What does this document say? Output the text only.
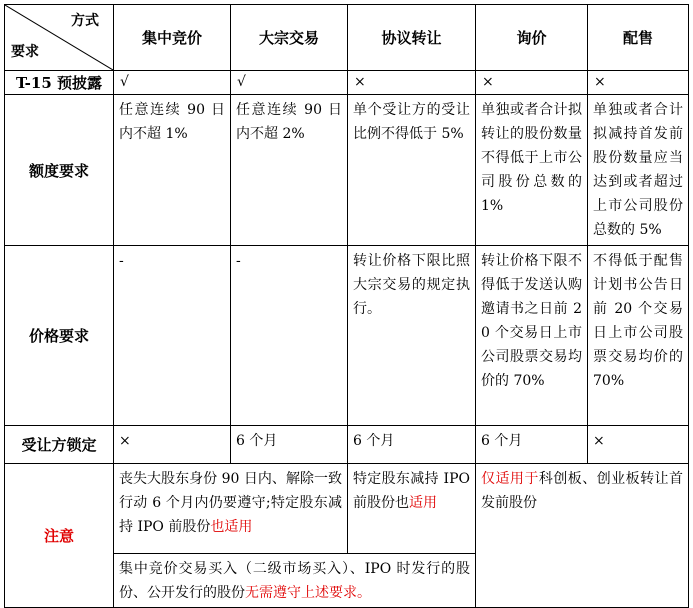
方式
要求	集中竞价	大宗交易	协议转让	询价	配售
T-15 预披露	√	√	×	×	×
额度要求	任意连续 90 日内不超 1%	任意连续 90 日内不超 2%	单个受让方的受让比例不得低于 5%	单独或者合计拟转让的股份数量不得低于上市公司股份总数的 1%	单独或者合计拟减持首发前股份数量应当达到或者超过上市公司股份总数的 5%
价格要求	-	-	转让价格下限比照大宗交易的规定执行。	转让价格下限不得低于发送认购邀请书之日前 20 个交易日上市公司股票交易均价的 70%	不得低于配售计划书公告日前 20 个交易日上市公司股票交易均价的 70%
受让方锁定	×	6 个月	6 个月	6 个月	×
注意	丧失大股东身份 90 日内、解除一致行动 6 个月内仍要遵守;特定股东减持 IPO 前股份也适用		特定股东减持 IPO 前股份也适用	仅适用于科创板、创业板转让首发前股份	
	集中竞价交易买入（二级市场买入）、IPO 时发行的股份、公开发行的股份无需遵守上述要求。				
